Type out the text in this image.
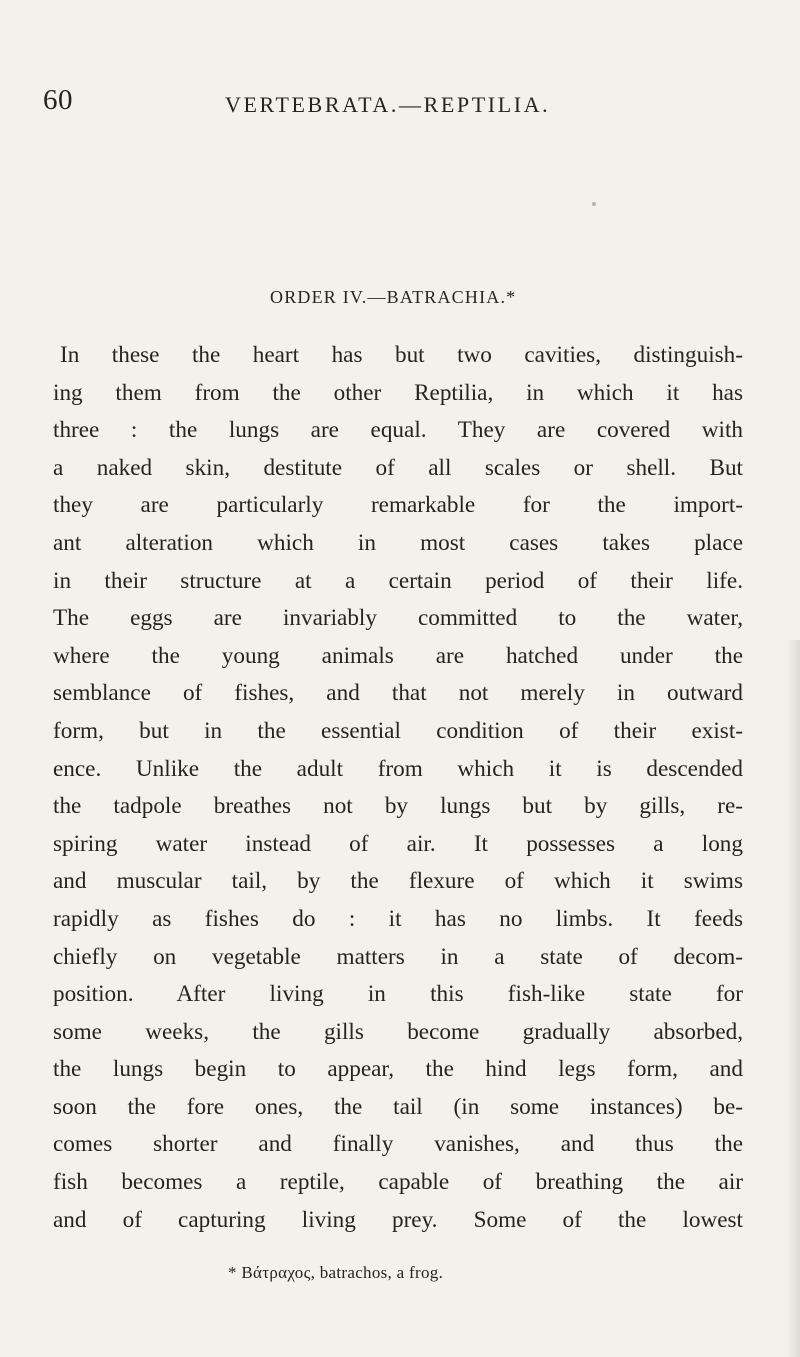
60	VERTEBRATA.—REPTILIA.
ORDER IV.—BATRACHIA.*
In these the heart has but two cavities, distinguish-
ing them from the other Reptilia, in which it has
three : the lungs are equal. They are covered with
a naked skin, destitute of all scales or shell. But
they are particularly remarkable for the import-
ant alteration which in most cases takes place
in their structure at a certain period of their life.
The eggs are invariably committed to the water,
where the young animals are hatched under the
semblance of fishes, and that not merely in outward
form, but in the essential condition of their exist-
ence. Unlike the adult from which it is descended
the tadpole breathes not by lungs but by gills, re-
spiring water instead of air. It possesses a long
and muscular tail, by the flexure of which it swims
rapidly as fishes do : it has no limbs. It feeds
chiefly on vegetable matters in a state of decom-
position. After living in this fish-like state for
some weeks, the gills become gradually absorbed,
the lungs begin to appear, the hind legs form, and
soon the fore ones, the tail (in some instances) be-
comes shorter and finally vanishes, and thus the
fish becomes a reptile, capable of breathing the air
and of capturing living prey. Some of the lowest
* Βάτραχος, batrachos, a frog.
